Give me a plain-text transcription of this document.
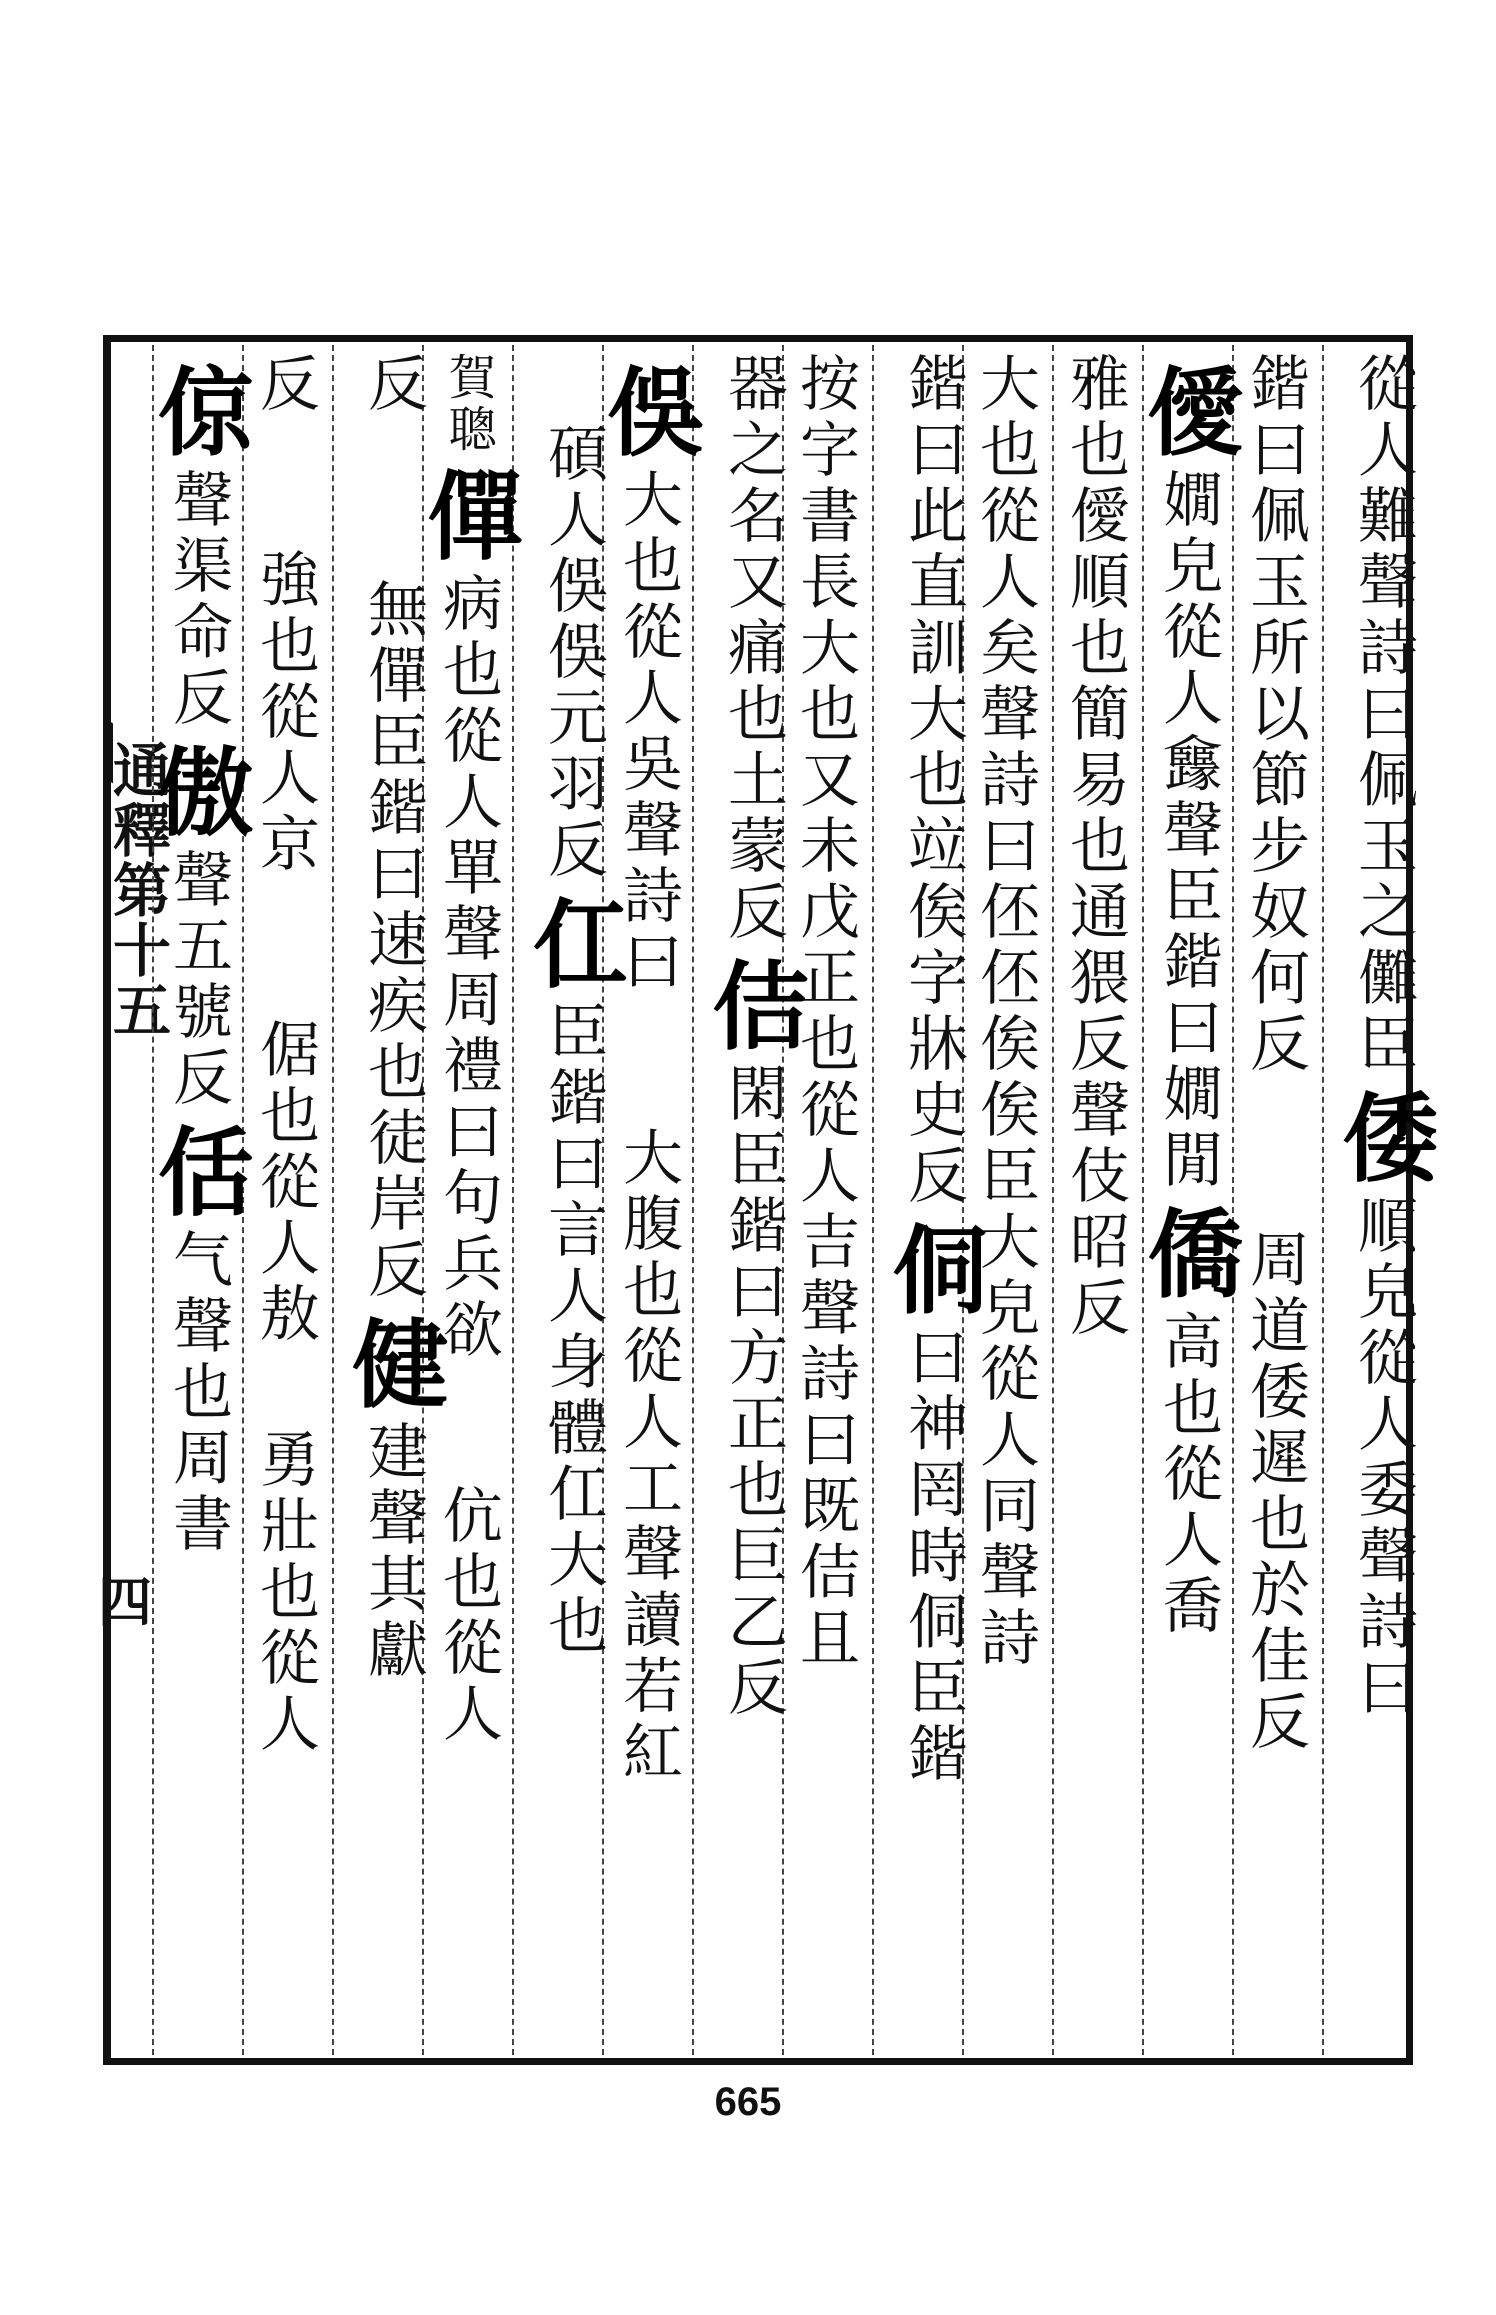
通釋第十五
四
從人難聲詩曰佩玉之儺臣倭順皃從人委聲詩曰
鍇曰佩玉所以節步奴何反周道倭遲也於佳反
僾嫺皃從人㒪聲臣鍇曰嫺閒僑高也從人喬
雅也僾順也簡易也通猥反聲伎昭反
大也從人矣聲詩曰伾伾俟俟臣大皃從人同聲詩
鍇曰此直訓大也竝俟字牀史反侗曰神罔時侗臣鍇
按字書長大也又未戊正也從人吉聲詩曰既佶且
器之名又痛也土蒙反佶閑臣鍇曰方正也巨乙反
俁大也從人吳聲詩曰大腹也從人工聲讀若紅
碩人俁俁元羽反仜臣鍇曰言人身體仜大也
賀聰僤病也從人單聲周禮曰句兵欲伉也從人
反無僤臣鍇曰速疾也徒岸反健建聲其獻
反強也從人京倨也從人敖勇壯也從人
倞聲渠命反傲聲五號反佸气聲也周書
665
